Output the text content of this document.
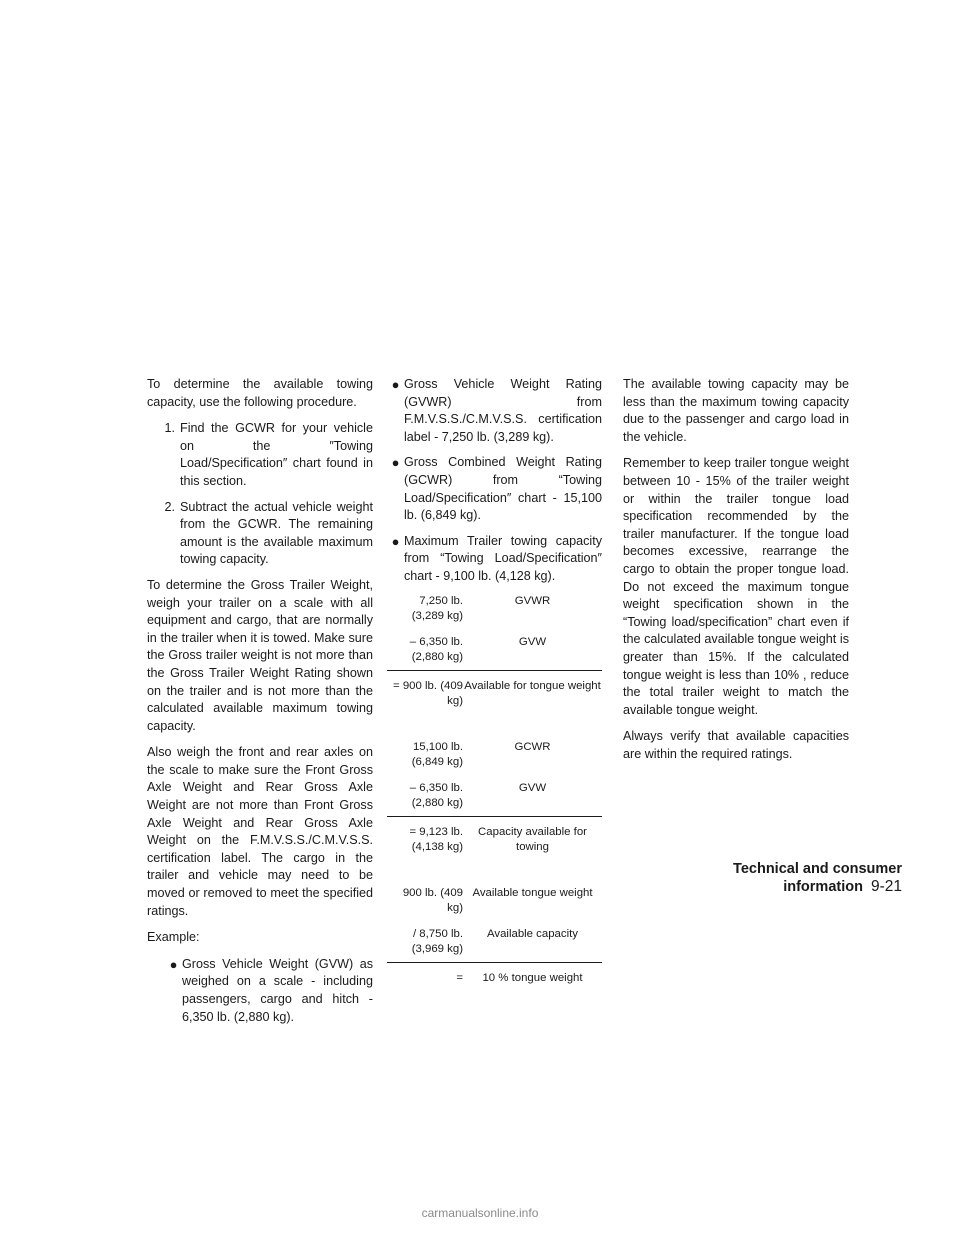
To determine the available towing capacity, use the following procedure.

1. Find the GCWR for your vehicle on the ″Towing Load/Specification″ chart found in this section.
2. Subtract the actual vehicle weight from the GCWR. The remaining amount is the available maximum towing capacity.

To determine the Gross Trailer Weight, weigh your trailer on a scale with all equipment and cargo, that are normally in the trailer when it is towed. Make sure the Gross trailer weight is not more than the Gross Trailer Weight Rating shown on the trailer and is not more than the calculated available maximum towing capacity.

Also weigh the front and rear axles on the scale to make sure the Front Gross Axle Weight and Rear Gross Axle Weight are not more than Front Gross Axle Weight and Rear Gross Axle Weight on the F.M.V.S.S./C.M.V.S.S. certification label. The cargo in the trailer and vehicle may need to be moved or removed to meet the specified ratings.

Example:

● Gross Vehicle Weight (GVW) as weighed on a scale - including passengers, cargo and hitch - 6,350 lb. (2,880 kg).
● Gross Vehicle Weight Rating (GVWR) from F.M.V.S.S./C.M.V.S.S. certification label - 7,250 lb. (3,289 kg).
● Gross Combined Weight Rating (GCWR) from “Towing Load/Specification″ chart - 15,100 lb. (6,849 kg).
● Maximum Trailer towing capacity from “Towing Load/Specification″ chart - 9,100 lb. (4,128 kg).
7,250 lb. (3,289 kg)
GVWR
– 6,350 lb. (2,880 kg)
GVW
= 900 lb. (409 kg)
Available for tongue weight
15,100 lb. (6,849 kg)
GCWR
– 6,350 lb. (2,880 kg)
GVW
= 9,123 lb. (4,138 kg)
Capacity available for towing
900 lb. (409 kg)
Available tongue weight
/ 8,750 lb. (3,969 kg)
Available capacity
=	10 % tongue weight

The available towing capacity may be less than the maximum towing capacity due to the passenger and cargo load in the vehicle.

Remember to keep trailer tongue weight between 10 - 15% of the trailer weight or within the trailer tongue load specification recommended by the trailer manufacturer. If the tongue load becomes excessive, rearrange the cargo to obtain the proper tongue load. Do not exceed the maximum tongue weight specification shown in the “Towing load/specification” chart even if the calculated available tongue weight is greater than 15%. If the calculated tongue weight is less than 10% , reduce the total trailer weight to match the available tongue weight.

Always verify that available capacities are within the required ratings.

Technical and consumer information 9-21
carmanualsonline.info
